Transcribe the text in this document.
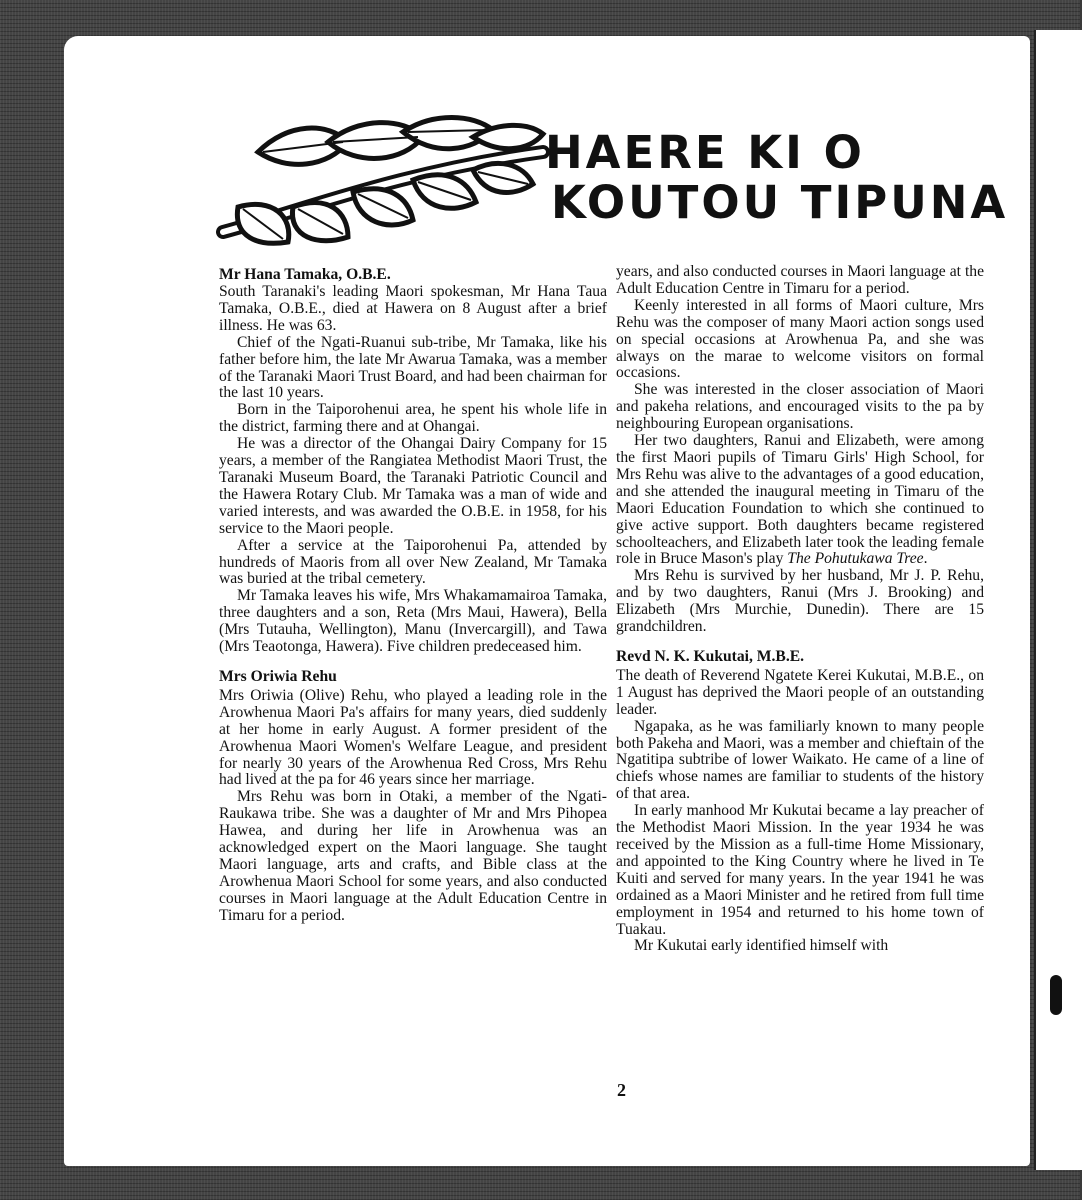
HAERE KI O
KOUTOU TIPUNA
Mr Hana Tamaka, O.B.E.

South Taranaki's leading Maori spokesman, Mr Hana Taua Tamaka, O.B.E., died at Hawera on 8 August after a brief illness. He was 63.

Chief of the Ngati-Ruanui sub-tribe, Mr Tamaka, like his father before him, the late Mr Awarua Tamaka, was a member of the Taranaki Maori Trust Board, and had been chairman for the last 10 years.

Born in the Taiporohenui area, he spent his whole life in the district, farming there and at Ohangai.

He was a director of the Ohangai Dairy Company for 15 years, a member of the Rangiatea Methodist Maori Trust, the Taranaki Museum Board, the Taranaki Patriotic Council and the Hawera Rotary Club. Mr Tamaka was a man of wide and varied interests, and was awarded the O.B.E. in 1958, for his service to the Maori people.

After a service at the Taiporohenui Pa, attended by hundreds of Maoris from all over New Zealand, Mr Tamaka was buried at the tribal cemetery.

Mr Tamaka leaves his wife, Mrs Whakamamairoa Tamaka, three daughters and a son, Reta (Mrs Maui, Hawera), Bella (Mrs Tutauha, Wellington), Manu (Invercargill), and Tawa (Mrs Teaotonga, Hawera). Five children predeceased him.

Mrs Oriwia Rehu

Mrs Oriwia (Olive) Rehu, who played a leading role in the Arowhenua Maori Pa's affairs for many years, died suddenly at her home in early August. A former president of the Arowhenua Maori Women's Welfare League, and president for nearly 30 years of the Arowhenua Red Cross, Mrs Rehu had lived at the pa for 46 years since her marriage.

Mrs Rehu was born in Otaki, a member of the Ngati-Raukawa tribe. She was a daughter of Mr and Mrs Pihopea Hawea, and during her life in Arowhenua was an acknowledged expert on the Maori language. She taught Maori language, arts and crafts, and Bible class at the Arowhenua Maori School for some years, and also conducted courses in Maori language at the Adult Education Centre in Timaru for a period.

years, and also conducted courses in Maori language at the Adult Education Centre in Timaru for a period.

Keenly interested in all forms of Maori culture, Mrs Rehu was the composer of many Maori action songs used on special occasions at Arowhenua Pa, and she was always on the marae to welcome visitors on formal occasions.

She was interested in the closer association of Maori and pakeha relations, and encouraged visits to the pa by neighbouring European organisations.

Her two daughters, Ranui and Elizabeth, were among the first Maori pupils of Timaru Girls' High School, for Mrs Rehu was alive to the advantages of a good education, and she attended the inaugural meeting in Timaru of the Maori Education Foundation to which she continued to give active support. Both daughters became registered schoolteachers, and Elizabeth later took the leading female role in Bruce Mason's play The Pohutukawa Tree.

Mrs Rehu is survived by her husband, Mr J. P. Rehu, and by two daughters, Ranui (Mrs J. Brooking) and Elizabeth (Mrs Murchie, Dunedin). There are 15 grandchildren.

Revd N. K. Kukutai, M.B.E.

The death of Reverend Ngatete Kerei Kukutai, M.B.E., on 1 August has deprived the Maori people of an outstanding leader.

Ngapaka, as he was familiarly known to many people both Pakeha and Maori, was a member and chieftain of the Ngatitipa subtribe of lower Waikato. He came of a line of chiefs whose names are familiar to students of the history of that area.

In early manhood Mr Kukutai became a lay preacher of the Methodist Maori Mission. In the year 1934 he was received by the Mission as a full-time Home Missionary, and appointed to the King Country where he lived in Te Kuiti and served for many years. In the year 1941 he was ordained as a Maori Minister and he retired from full time employment in 1954 and returned to his home town of Tuakau.

Mr Kukutai early identified himself with

2
